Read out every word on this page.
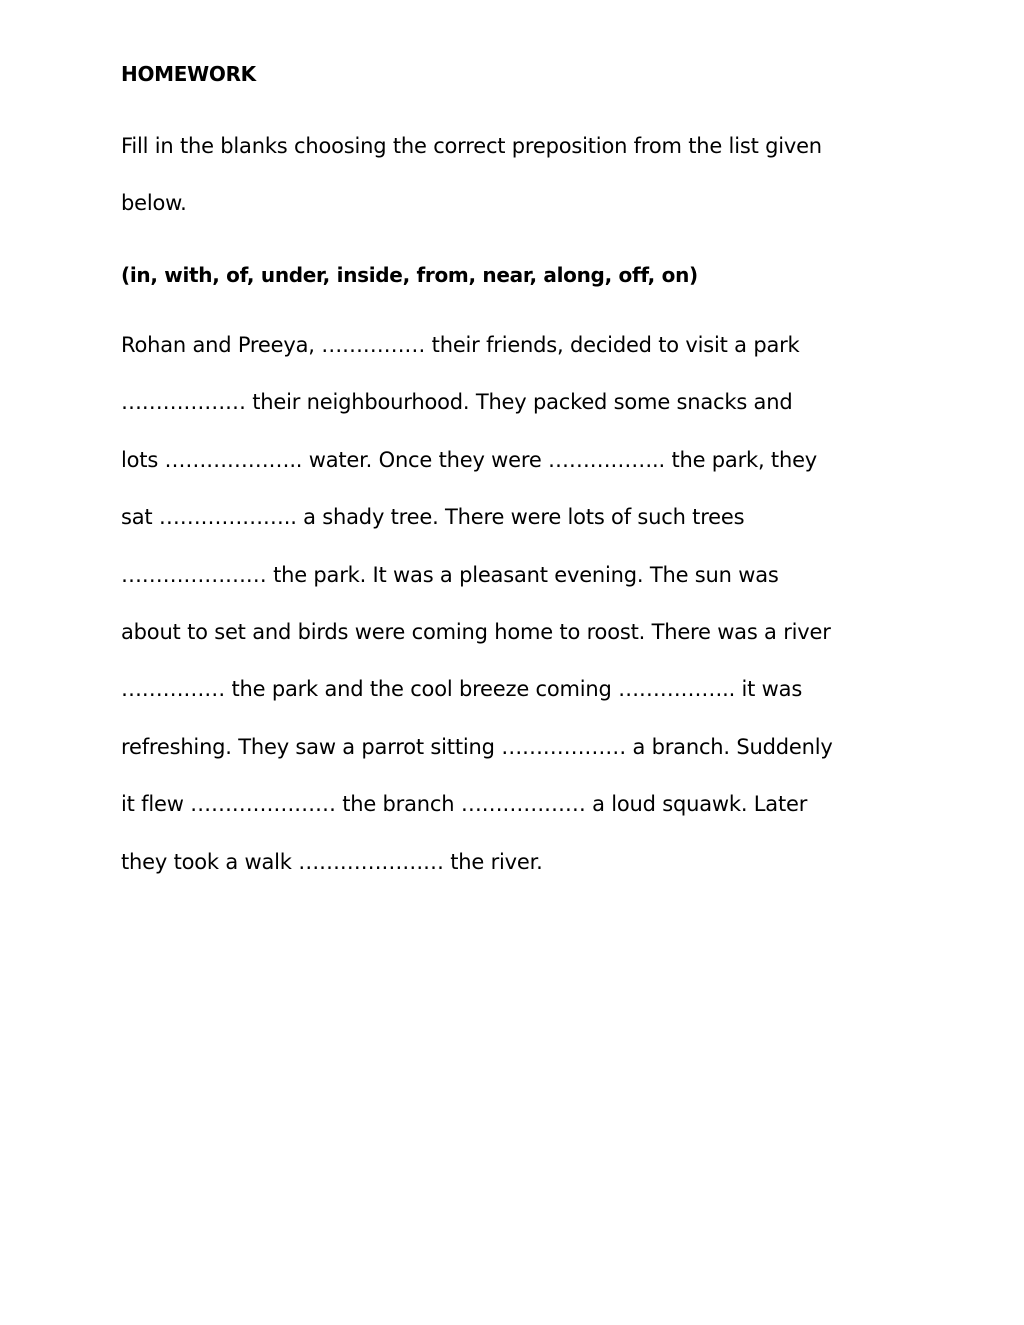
HOMEWORK

Fill in the blanks choosing the correct preposition from the list given

below.

(in, with, of, under, inside, from, near, along, off, on)

Rohan and Preeya, …………… their friends, decided to visit a park

……………… their neighbourhood. They packed some snacks and

lots ……………….. water. Once they were …………….. the park, they

sat ……………….. a shady tree. There were lots of such trees

………………… the park. It was a pleasant evening. The sun was

about to set and birds were coming home to roost. There was a river

…………… the park and the cool breeze coming …………….. it was

refreshing. They saw a parrot sitting ……………… a branch. Suddenly

it flew ………………… the branch ……………… a loud squawk. Later

they took a walk ………………… the river.
